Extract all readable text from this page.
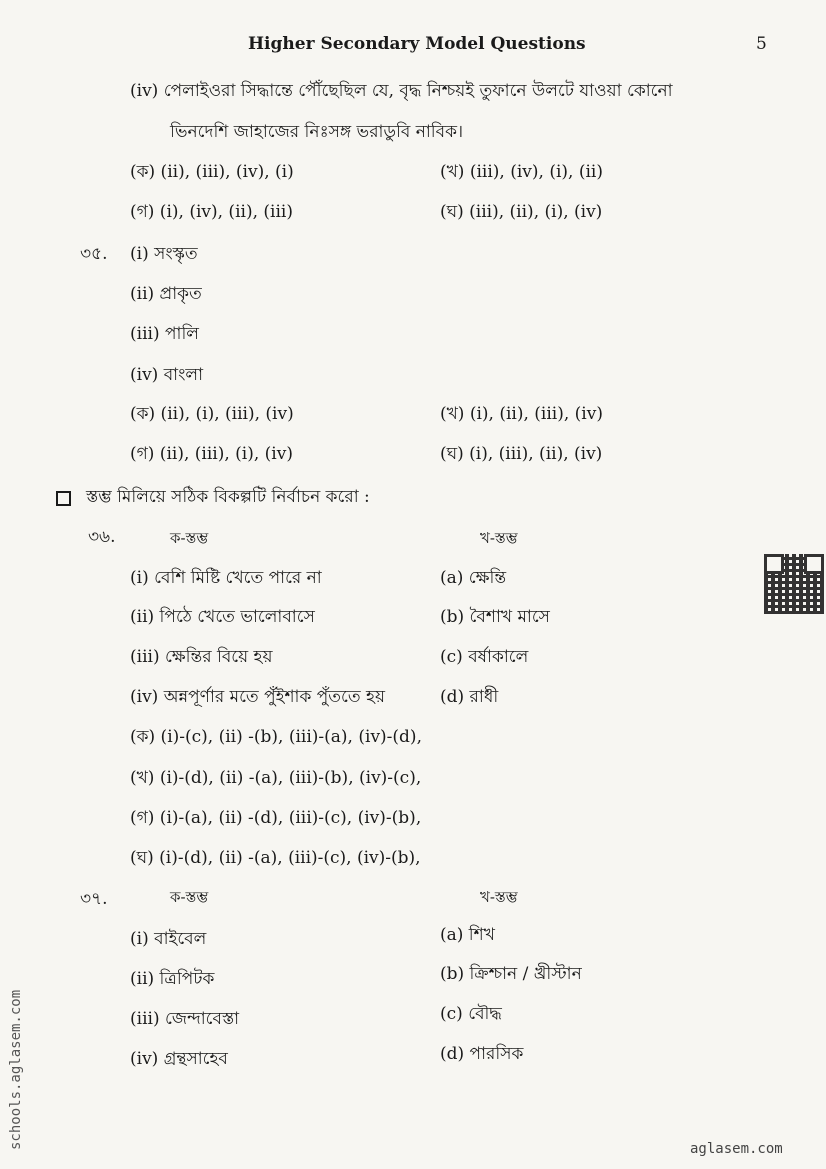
Higher Secondary Model Questions	5
(iv) পেলাইওরা সিদ্ধান্তে পৌঁছেছিল যে, বৃদ্ধ নিশ্চয়ই তুফানে উলটে যাওয়া কোনো
ভিনদেশি জাহাজের নিঃসঙ্গ ভরাডুবি নাবিক।
(ক) (ii), (iii), (iv), (i)	(খ) (iii), (iv), (i), (ii)
(গ) (i), (iv), (ii), (iii)	(ঘ) (iii), (ii), (i), (iv)
৩৫. (i) সংস্কৃত
(ii) প্রাকৃত
(iii) পালি
(iv) বাংলা
(ক) (ii), (i), (iii), (iv)	(খ) (i), (ii), (iii), (iv)
(গ) (ii), (iii), (i), (iv)	(ঘ) (i), (iii), (ii), (iv)
স্তম্ভ মিলিয়ে সঠিক বিকল্পটি নির্বাচন করো :
৩৬.	ক-স্তম্ভ	খ-স্তম্ভ
(i) বেশি মিষ্টি খেতে পারে না	(a) ক্ষেন্তি
(ii) পিঠে খেতে ভালোবাসে	(b) বৈশাখ মাসে
(iii) ক্ষেন্তির বিয়ে হয়	(c) বর্ষাকালে
(iv) অন্নপূর্ণার মতে পুঁইশাক পুঁততে হয়	(d) রাধী
(ক) (i)-(c), (ii) -(b), (iii)-(a), (iv)-(d),
(খ) (i)-(d), (ii) -(a), (iii)-(b), (iv)-(c),
(গ) (i)-(a), (ii) -(d), (iii)-(c), (iv)-(b),
(ঘ) (i)-(d), (ii) -(a), (iii)-(c), (iv)-(b),
৩৭.	ক-স্তম্ভ	খ-স্তম্ভ
(i) বাইবেল	(a) শিখ
(ii) ত্রিপিটক	(b) ক্রিশ্চান / খ্রীস্টান
(iii) জেন্দাবেস্তা	(c) বৌদ্ধ
(iv) গ্রন্থসাহেব	(d) পারসিক
schools.aglasem.com	aglasem.com
